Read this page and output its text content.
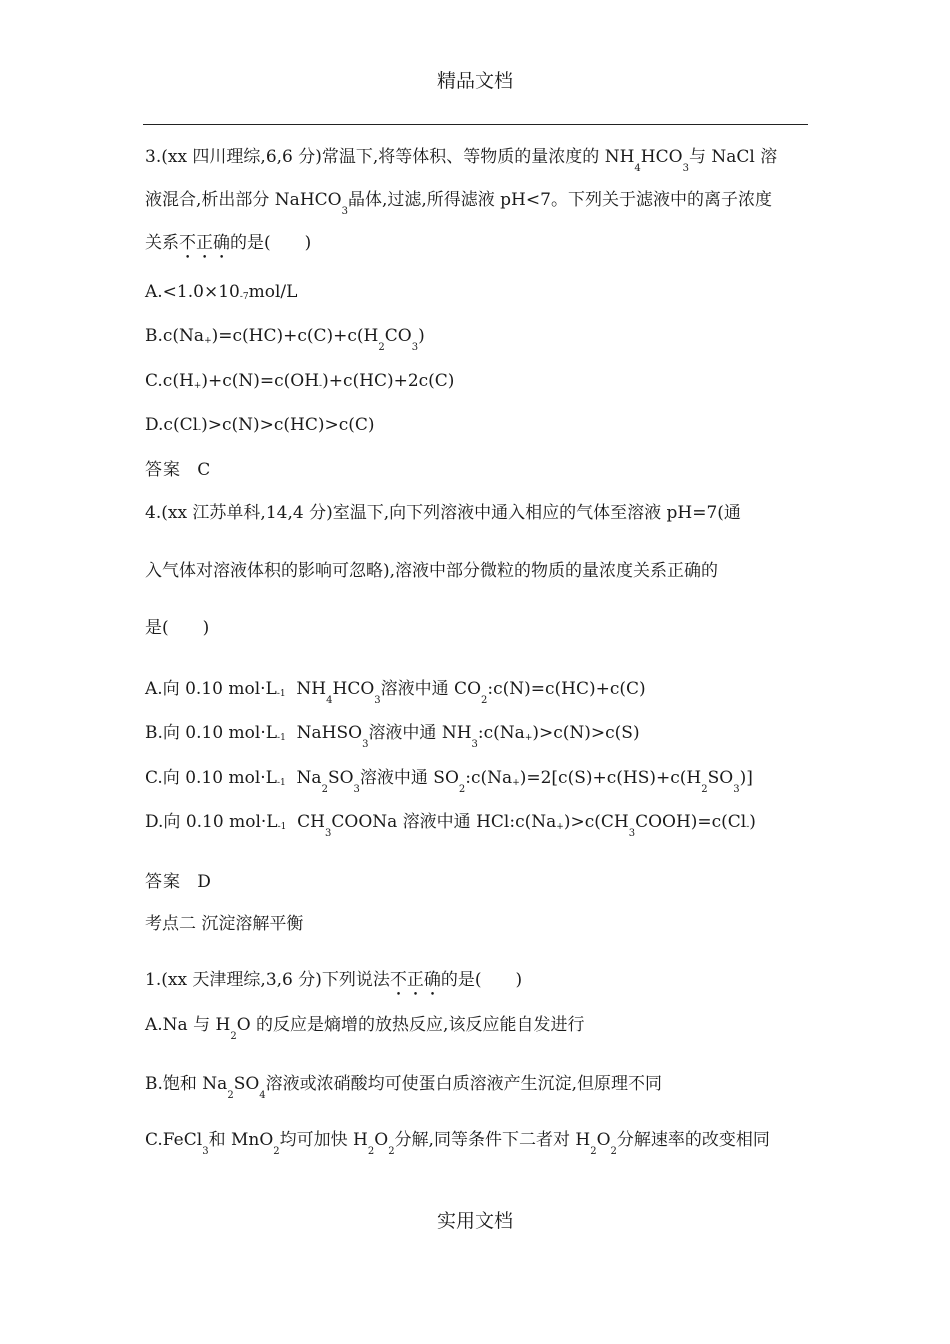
精品文档
3.(xx 四川理综,6,6 分)常温下,将等体积、等物质的量浓度的 $NH_4HCO_3$与 NaCl 溶
液混合,析出部分 NaHCO$_3$晶体,过滤,所得滤液 pH<7。下列关于滤液中的离子浓度
关系不正确的是(　　)
$A.<1.0\times 10^{-7}mol/L$
$B.c(Na^+)=c(HC)+c(C)+c(H_2CO_3)$
C.c(H+)+c(N)=c(OH-)+c(HC)+2c(C)
D.c(Cl-)>c(N)>c(HC)>c(C)
答案 C
4.(xx 江苏单科,14,4 分)室温下,向下列溶液中通入相应的气体至溶液 pH=7(通
入气体对溶液体积的影响可忽略),溶液中部分微粒的物质的量浓度关系正确的
是(　　)
A.向 0.10 $mol\cdot L^{-1}$ $NH_4HCO_3$溶液中通 $CO_2:c(N)=c(HC)+c(C)$
B.向 0.10 $mol\cdot L^{-1}$ NaHSO$_3$溶液中通 $NH_3:c(Na^+)>c(N)>c(S)$
C.向 0.10 $mol\cdot L^{-1}$ $Na_2SO_3$溶液中通 $SO_2:c(Na^+)=2[c(S)+c(HS)+c(H_2SO_3)]$
D.向 0.10 $mol\cdot L^{-1}$ $CH_3COONa$ 溶液中通 $HCl:c(Na^+)>c(CH_3COOH)=c(Cl^-)$
答案 D
考点二 沉淀溶解平衡
1.(xx 天津理综,3,6 分)下列说法不正确的是(　　)
A.Na 与 $H_2O$ 的反应是熵增的放热反应,该反应能自发进行
B.饱和 $Na_2SO_4$溶液或浓硝酸均可使蛋白质溶液产生沉淀,但原理不同
C.FeCl$_3$和 MnO$_2$均可加快 $H_2O_2$分解,同等条件下二者对 $H_2O_2$分解速率的改变相同
实用文档
